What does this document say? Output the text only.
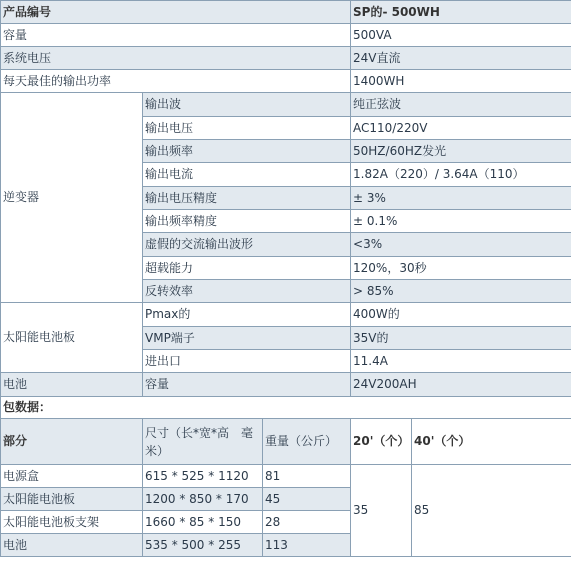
产品编号			SP的- 500WH	
容量			500VA	
系统电压			24V直流	
每天最佳的输出功率			1400WH	
逆变器	输出波		纯正弦波	
	输出电压		AC110/220V	
	输出频率		50HZ/60HZ发光	
	输出电流		1.82A（220）/ 3.64A（110）	
	输出电压精度		± 3%	
	输出频率精度		± 0.1%	
	虚假的交流输出波形		<3%	
	超载能力		120%，30秒	
	反转效率		> 85%	
太阳能电池板	Pmax的		400W的	
	VMP端子		35V的	
	进出口		11.4A	
电池	容量		24V200AH	
包数据：				
部分	尺寸（长*宽*高　毫米）	重量（公斤）	20'（个）	40'（个）
电源盒	615 * 525 * 1120	81	35	85
太阳能电池板	1200 * 850 * 170	45		
太阳能电池板支架	1660 * 85 * 150	28		
电池	535 * 500 * 255	113		
